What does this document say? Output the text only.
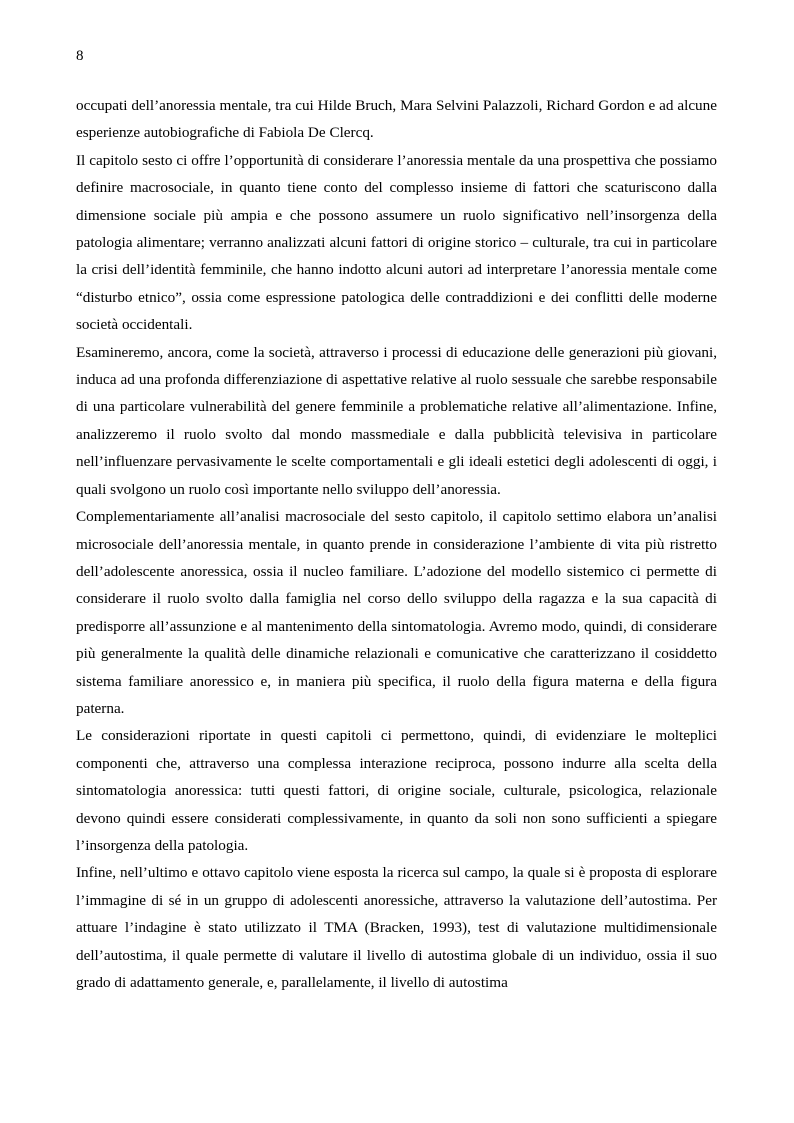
8

occupati dell’anoressia mentale, tra cui Hilde Bruch, Mara Selvini Palazzoli, Richard Gordon e ad alcune esperienze autobiografiche di Fabiola De Clercq.

Il capitolo sesto ci offre l’opportunità di considerare l’anoressia mentale da una prospettiva che possiamo definire macrosociale, in quanto tiene conto del complesso insieme di fattori che scaturiscono dalla dimensione sociale più ampia e che possono assumere un ruolo significativo nell’insorgenza della patologia alimentare; verranno analizzati alcuni fattori di origine storico – culturale, tra cui in particolare la crisi dell’identità femminile, che hanno indotto alcuni autori ad interpretare l’anoressia mentale come “disturbo etnico”, ossia come espressione patologica delle contraddizioni e dei conflitti delle moderne società occidentali.

Esamineremo, ancora, come la società, attraverso i processi di educazione delle generazioni più giovani, induca ad una profonda differenziazione di aspettative relative al ruolo sessuale che sarebbe responsabile di una particolare vulnerabilità del genere femminile a problematiche relative all’alimentazione. Infine, analizzeremo il ruolo svolto dal mondo massmediale e dalla pubblicità televisiva in particolare nell’influenzare pervasivamente le scelte comportamentali e gli ideali estetici degli adolescenti di oggi, i quali svolgono un ruolo così importante nello sviluppo dell’anoressia.

Complementariamente all’analisi macrosociale del sesto capitolo, il capitolo settimo elabora un’analisi microsociale dell’anoressia mentale, in quanto prende in considerazione l’ambiente di vita più ristretto dell’adolescente anoressica, ossia il nucleo familiare. L’adozione del modello sistemico ci permette di considerare il ruolo svolto dalla famiglia nel corso dello sviluppo della ragazza e la sua capacità di predisporre all’assunzione e al mantenimento della sintomatologia. Avremo modo, quindi, di considerare più generalmente la qualità delle dinamiche relazionali e comunicative che caratterizzano il cosiddetto sistema familiare anoressico e, in maniera più specifica, il ruolo della figura materna e della figura paterna.

Le considerazioni riportate in questi capitoli ci permettono, quindi, di evidenziare le molteplici componenti che, attraverso una complessa interazione reciproca, possono indurre alla scelta della sintomatologia anoressica: tutti questi fattori, di origine sociale, culturale, psicologica, relazionale devono quindi essere considerati complessivamente, in quanto da soli non sono sufficienti a spiegare l’insorgenza della patologia.

Infine, nell’ultimo e ottavo capitolo viene esposta la ricerca sul campo, la quale si è proposta di esplorare l’immagine di sé in un gruppo di adolescenti anoressiche, attraverso la valutazione dell’autostima. Per attuare l’indagine è stato utilizzato il TMA (Bracken, 1993), test di valutazione multidimensionale dell’autostima, il quale permette di valutare il livello di autostima globale di un individuo, ossia il suo grado di adattamento generale, e, parallelamente, il livello di autostima
